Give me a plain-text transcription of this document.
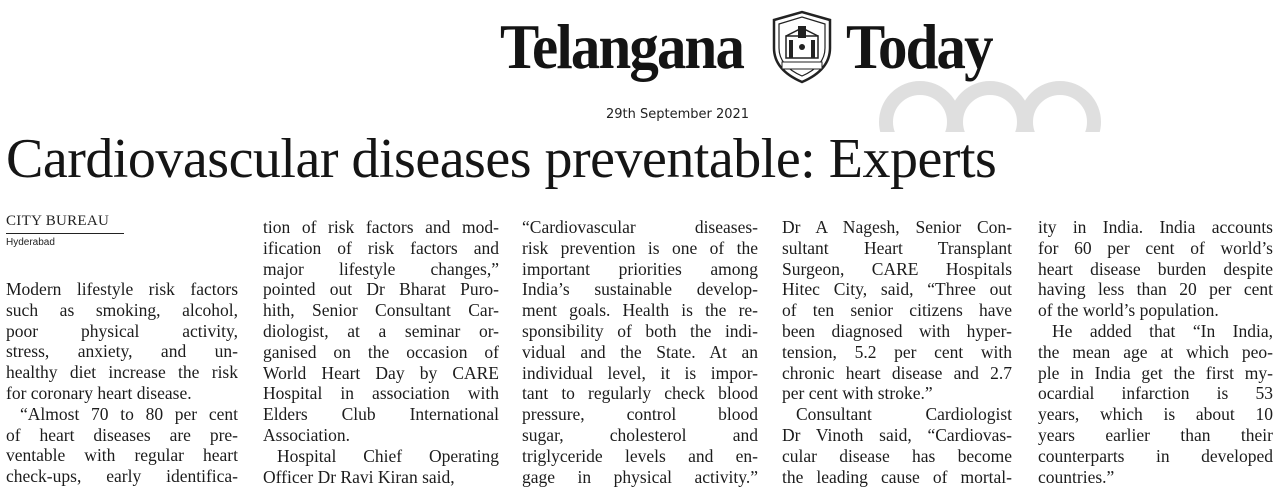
Telangana Today
29th September 2021
Cardiovascular diseases preventable: Experts
CITY BUREAU
Hyderabad
Modern lifestyle risk factors
such as smoking, alcohol,
poor physical activity,
stress, anxiety, and un-
healthy diet increase the risk
for coronary heart disease.
“Almost 70 to 80 per cent
of heart diseases are pre-
ventable with regular heart
check-ups, early identifica-
tion of risk factors and mod-
ification of risk factors and
major lifestyle changes,”
pointed out Dr Bharat Puro-
hith, Senior Consultant Car-
diologist, at a seminar or-
ganised on the occasion of
World Heart Day by CARE
Hospital in association with
Elders Club International
Association.
Hospital Chief Operating
Officer Dr Ravi Kiran said,
“Cardiovascular diseases-
risk prevention is one of the
important priorities among
India’s sustainable develop-
ment goals. Health is the re-
sponsibility of both the indi-
vidual and the State. At an
individual level, it is impor-
tant to regularly check blood
pressure, control blood
sugar, cholesterol and
triglyceride levels and en-
gage in physical activity.”
Dr A Nagesh, Senior Con-
sultant Heart Transplant
Surgeon, CARE Hospitals
Hitec City, said, “Three out
of ten senior citizens have
been diagnosed with hyper-
tension, 5.2 per cent with
chronic heart disease and 2.7
per cent with stroke.”
Consultant Cardiologist
Dr Vinoth said, “Cardiovas-
cular disease has become
the leading cause of mortal-
ity in India. India accounts
for 60 per cent of world’s
heart disease burden despite
having less than 20 per cent
of the world’s population.
He added that “In India,
the mean age at which peo-
ple in India get the first my-
ocardial infarction is 53
years, which is about 10
years earlier than their
counterparts in developed
countries.”
